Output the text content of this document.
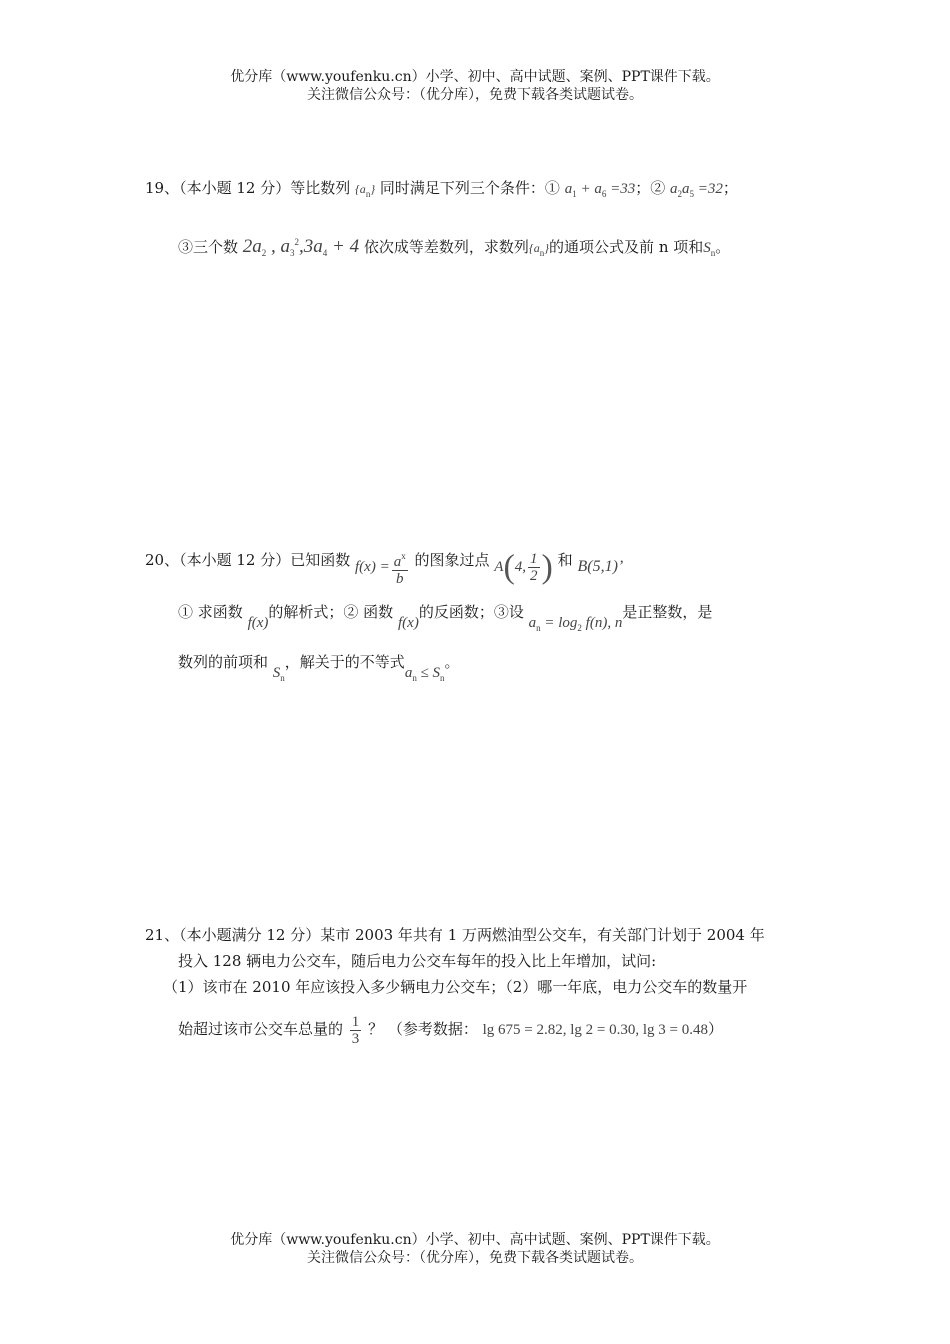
优分库（www.youfenku.cn）小学、初中、高中试题、案例、PPT课件下载。
关注微信公众号：（优分库），免费下载各类试题试卷。
19、（本小题 12 分）等比数列 $\{a_n\}$ 同时满足下列三个条件：① $a_1 + a_6 =33$；② $a_2a_5 =32$；
③三个数 $2a_2$ , $a_3^2,3a_4 + 4$ 依次成等差数列，求数列$\{a_n\}$的通项公式及前 n 项和$S_n$。
20、（本小题 12 分）已知函数 $f(x) = \frac{a^x}{b}$ 的图象过点 A(4, $\frac{1}{2}$ ) 和 B(5,1)’
① 求函数 f(x)的解析式；② 函数 f(x)的反函数；③设 $a_n = \log_2 f(n)$, n是正整数，是
数列的前项和 $S_n$，解关于的不等式$a_n \le S_n$。
21、（本小题满分 12 分）某市 2003 年共有 1 万两燃油型公交车，有关部门计划于 2004 年
投入 128 辆电力公交车，随后电力公交车每年的投入比上年增加，试问:
（1）该市在 2010 年应该投入多少辆电力公交车；（2）哪一年底，电力公交车的数量开
始超过该市公交车总量的 $\frac{1}{3}$ ？ （参考数据： lg 675 = 2.82, lg 2 = 0.30, lg 3 = 0.48）
优分库（www.youfenku.cn）小学、初中、高中试题、案例、PPT课件下载。
关注微信公众号：（优分库），免费下载各类试题试卷。
